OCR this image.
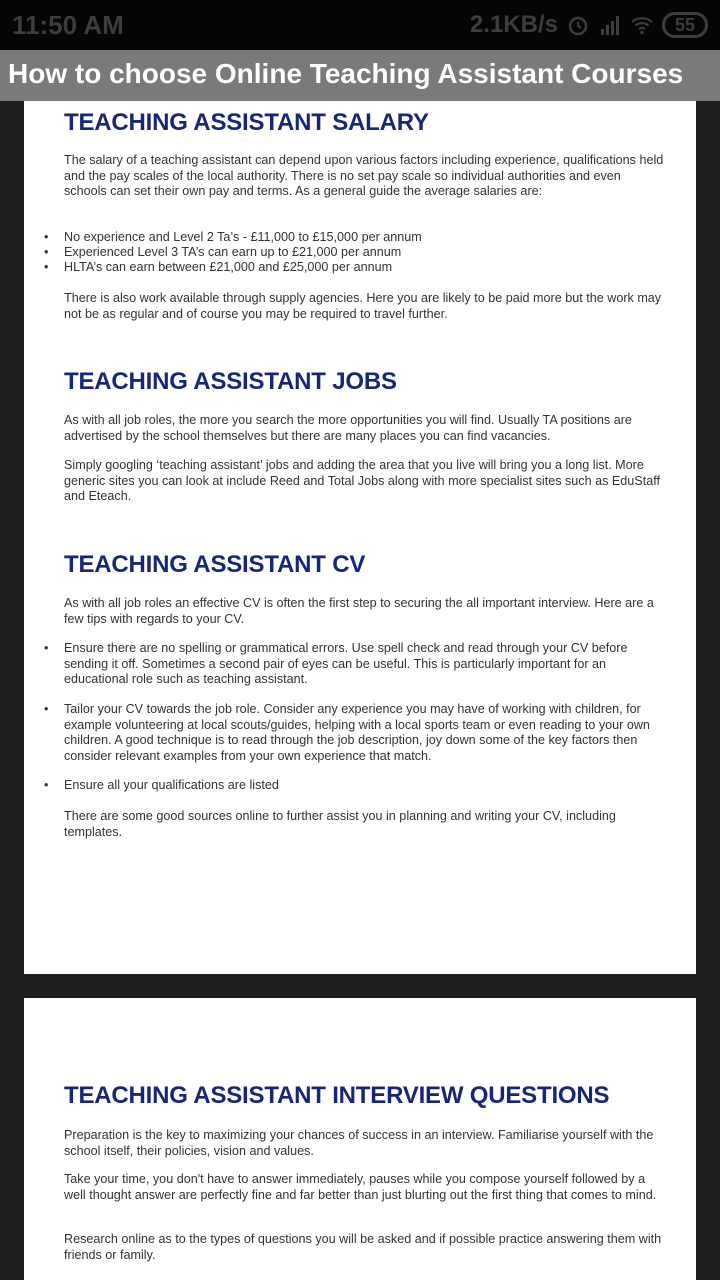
11:50 AM	2.1KB/s	55
How to choose Online Teaching Assistant Courses
TEACHING ASSISTANT SALARY
The salary of a teaching assistant can depend upon various factors including experience, qualifications held and the pay scales of the local authority. There is no set pay scale so individual authorities and even schools can set their own pay and terms. As a general guide the average salaries are:
• No experience and Level 2 Ta’s - £11,000 to £15,000 per annum
• Experienced Level 3 TA’s can earn up to £21,000 per annum
• HLTA’s can earn between £21,000 and £25,000 per annum
There is also work available through supply agencies. Here you are likely to be paid more but the work may not be as regular and of course you may be required to travel further.
TEACHING ASSISTANT JOBS
As with all job roles, the more you search the more opportunities you will find. Usually TA positions are advertised by the school themselves but there are many places you can find vacancies.
Simply googling ‘teaching assistant’ jobs and adding the area that you live will bring you a long list. More generic sites you can look at include Reed and Total Jobs along with more specialist sites such as EduStaff and Eteach.
TEACHING ASSISTANT CV
As with all job roles an effective CV is often the first step to securing the all important interview. Here are a few tips with regards to your CV.
• Ensure there are no spelling or grammatical errors. Use spell check and read through your CV before sending it off. Sometimes a second pair of eyes can be useful. This is particularly important for an educational role such as teaching assistant.
• Tailor your CV towards the job role. Consider any experience you may have of working with children, for example volunteering at local scouts/guides, helping with a local sports team or even reading to your own children. A good technique is to read through the job description, joy down some of the key factors then consider relevant examples from your own experience that match.
• Ensure all your qualifications are listed
There are some good sources online to further assist you in planning and writing your CV, including templates.
TEACHING ASSISTANT INTERVIEW QUESTIONS
Preparation is the key to maximizing your chances of success in an interview. Familiarise yourself with the school itself, their policies, vision and values.
Take your time, you don't have to answer immediately, pauses while you compose yourself followed by a well thought answer are perfectly fine and far better than just blurting out the first thing that comes to mind.
Research online as to the types of questions you will be asked and if possible practice answering them with friends or family.
